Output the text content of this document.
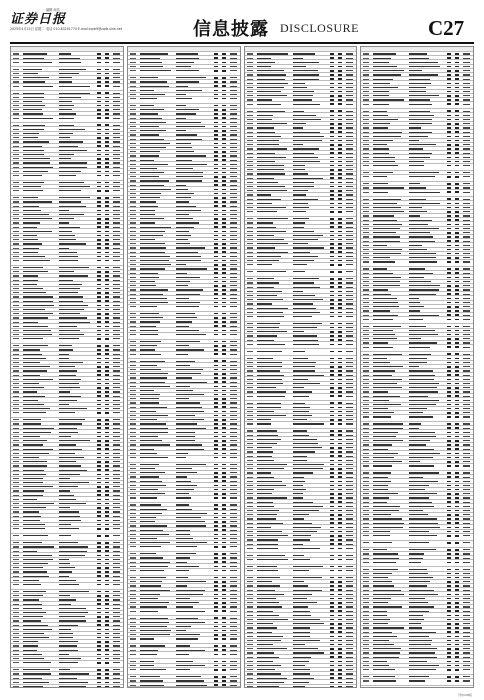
证券日报
编辑 何乐
2025年4月15日 星期二 电话 010-83251770 E-mail:zqrb9@zqrb.sina.net	信息披露 DISCLOSURE	C27
下转C28版
